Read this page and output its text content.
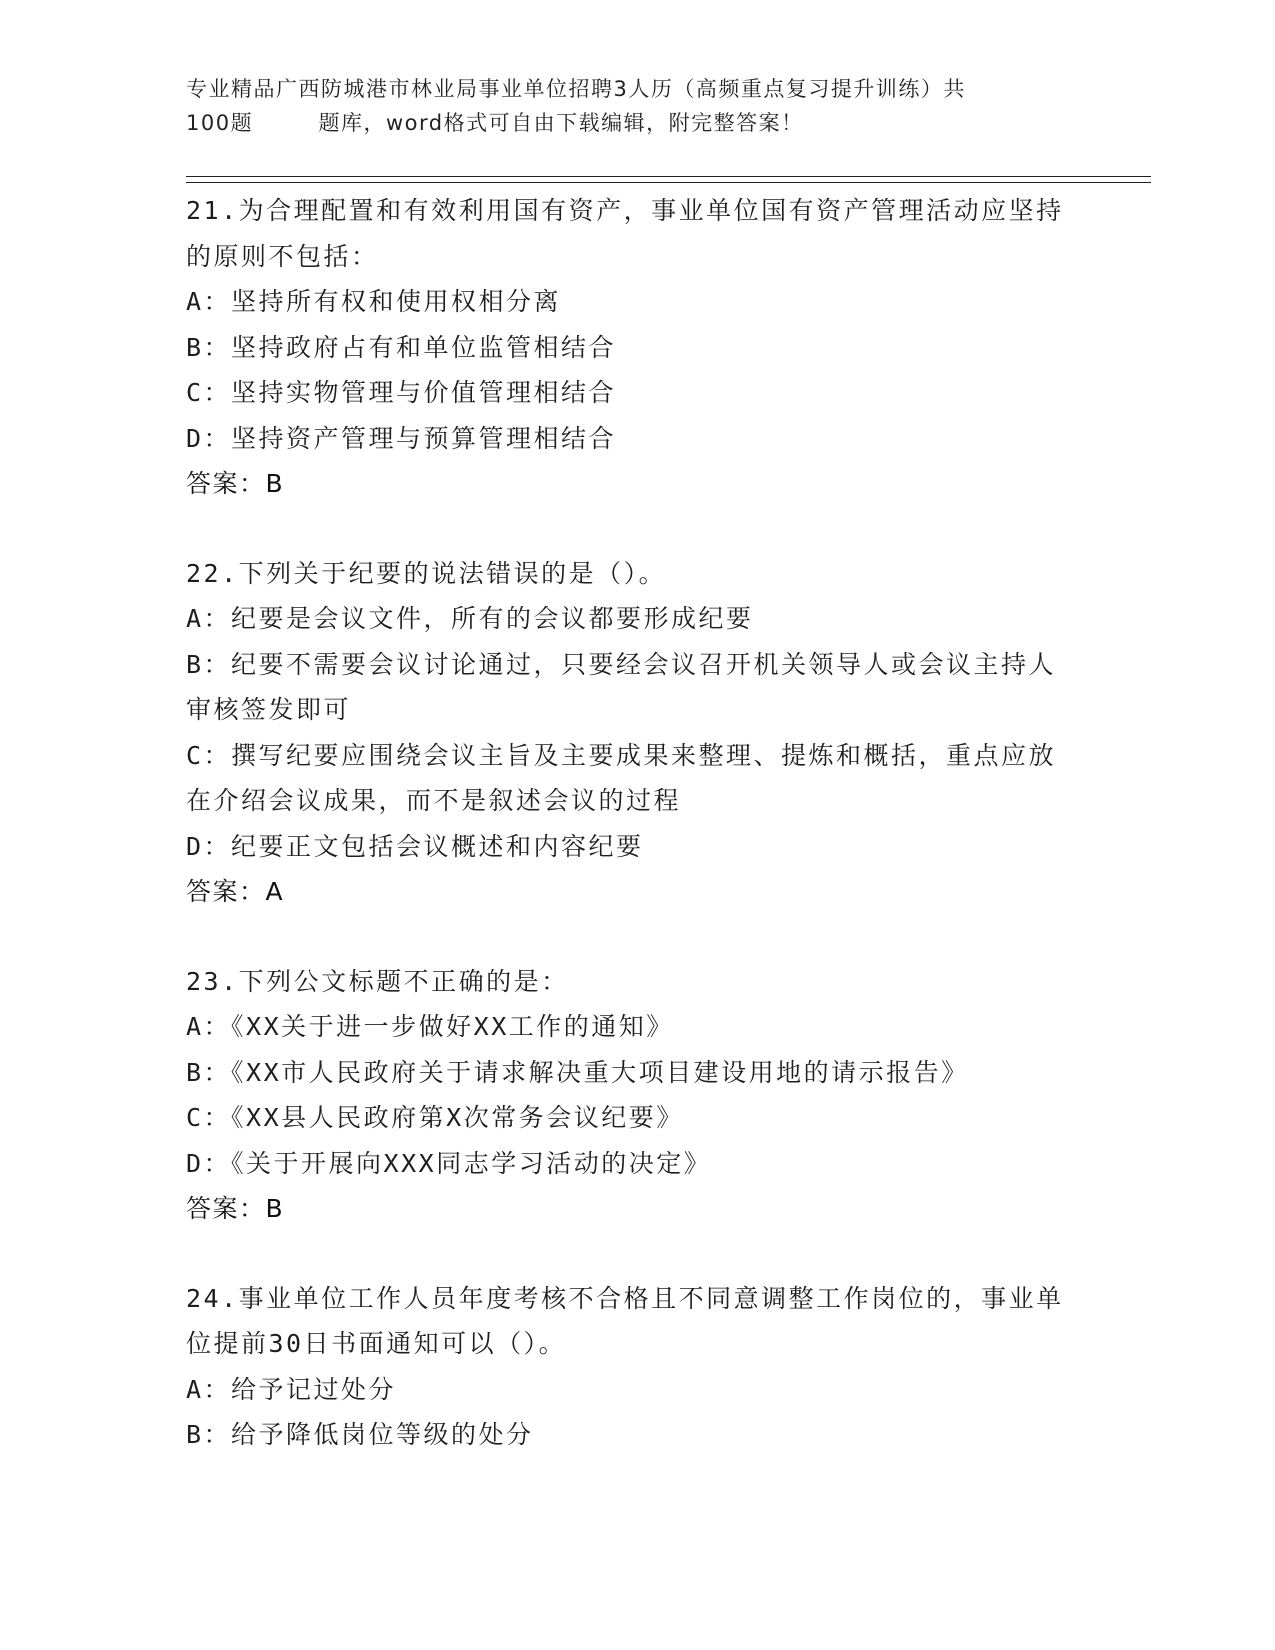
专业精品广西防城港市林业局事业单位招聘3人历（高频重点复习提升训练）共
100题        题库，word格式可自由下载编辑，附完整答案！

21.为合理配置和有效利用国有资产，事业单位国有资产管理活动应坚持的原则不包括：

A：坚持所有权和使用权相分离

B：坚持政府占有和单位监管相结合

C：坚持实物管理与价值管理相结合

D：坚持资产管理与预算管理相结合

答案：B

22.下列关于纪要的说法错误的是（）。

A：纪要是会议文件，所有的会议都要形成纪要

B：纪要不需要会议讨论通过，只要经会议召开机关领导人或会议主持人审核签发即可

C：撰写纪要应围绕会议主旨及主要成果来整理、提炼和概括，重点应放在介绍会议成果，而不是叙述会议的过程

D：纪要正文包括会议概述和内容纪要

答案：A

23.下列公文标题不正确的是：

A：《XX关于进一步做好XX工作的通知》

B：《XX市人民政府关于请求解决重大项目建设用地的请示报告》

C：《XX县人民政府第X次常务会议纪要》

D：《关于开展向XXX同志学习活动的决定》

答案：B

24.事业单位工作人员年度考核不合格且不同意调整工作岗位的，事业单位提前30日书面通知可以（）。

A：给予记过处分

B：给予降低岗位等级的处分
